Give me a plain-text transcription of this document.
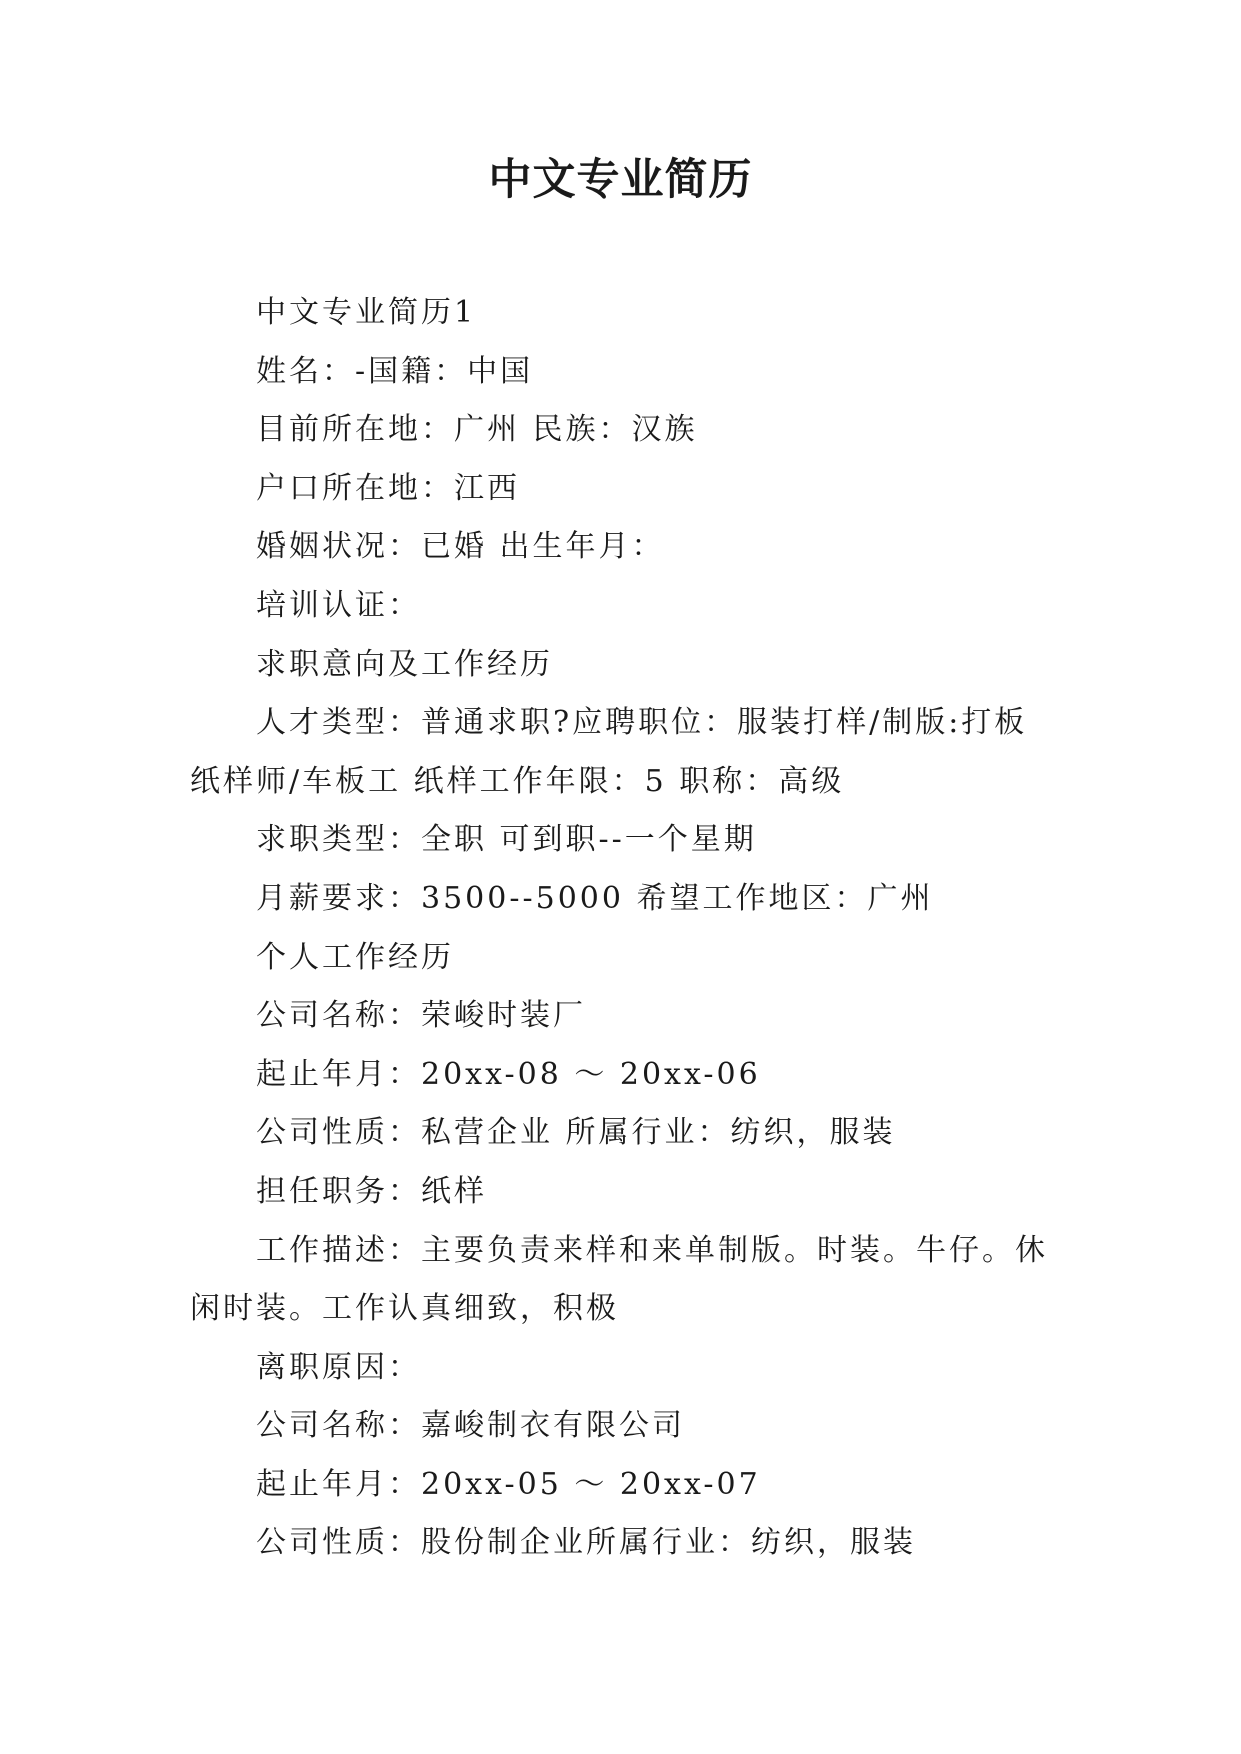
中文专业简历

中文专业简历1

姓名：-国籍：中国

目前所在地：广州 民族：汉族

户口所在地：江西

婚姻状况：已婚 出生年月：

培训认证：

求职意向及工作经历

人才类型：普通求职?应聘职位：服装打样/制版:打板纸样师/车板工 纸样工作年限：5 职称：高级

求职类型：全职 可到职--一个星期

月薪要求：3500--5000 希望工作地区：广州

个人工作经历

公司名称：荣峻时装厂

起止年月：20xx-08 ～ 20xx-06

公司性质：私营企业 所属行业：纺织，服装

担任职务：纸样

工作描述：主要负责来样和来单制版。时装。牛仔。休闲时装。工作认真细致，积极

离职原因：

公司名称：嘉峻制衣有限公司

起止年月：20xx-05 ～ 20xx-07

公司性质：股份制企业所属行业：纺织，服装
